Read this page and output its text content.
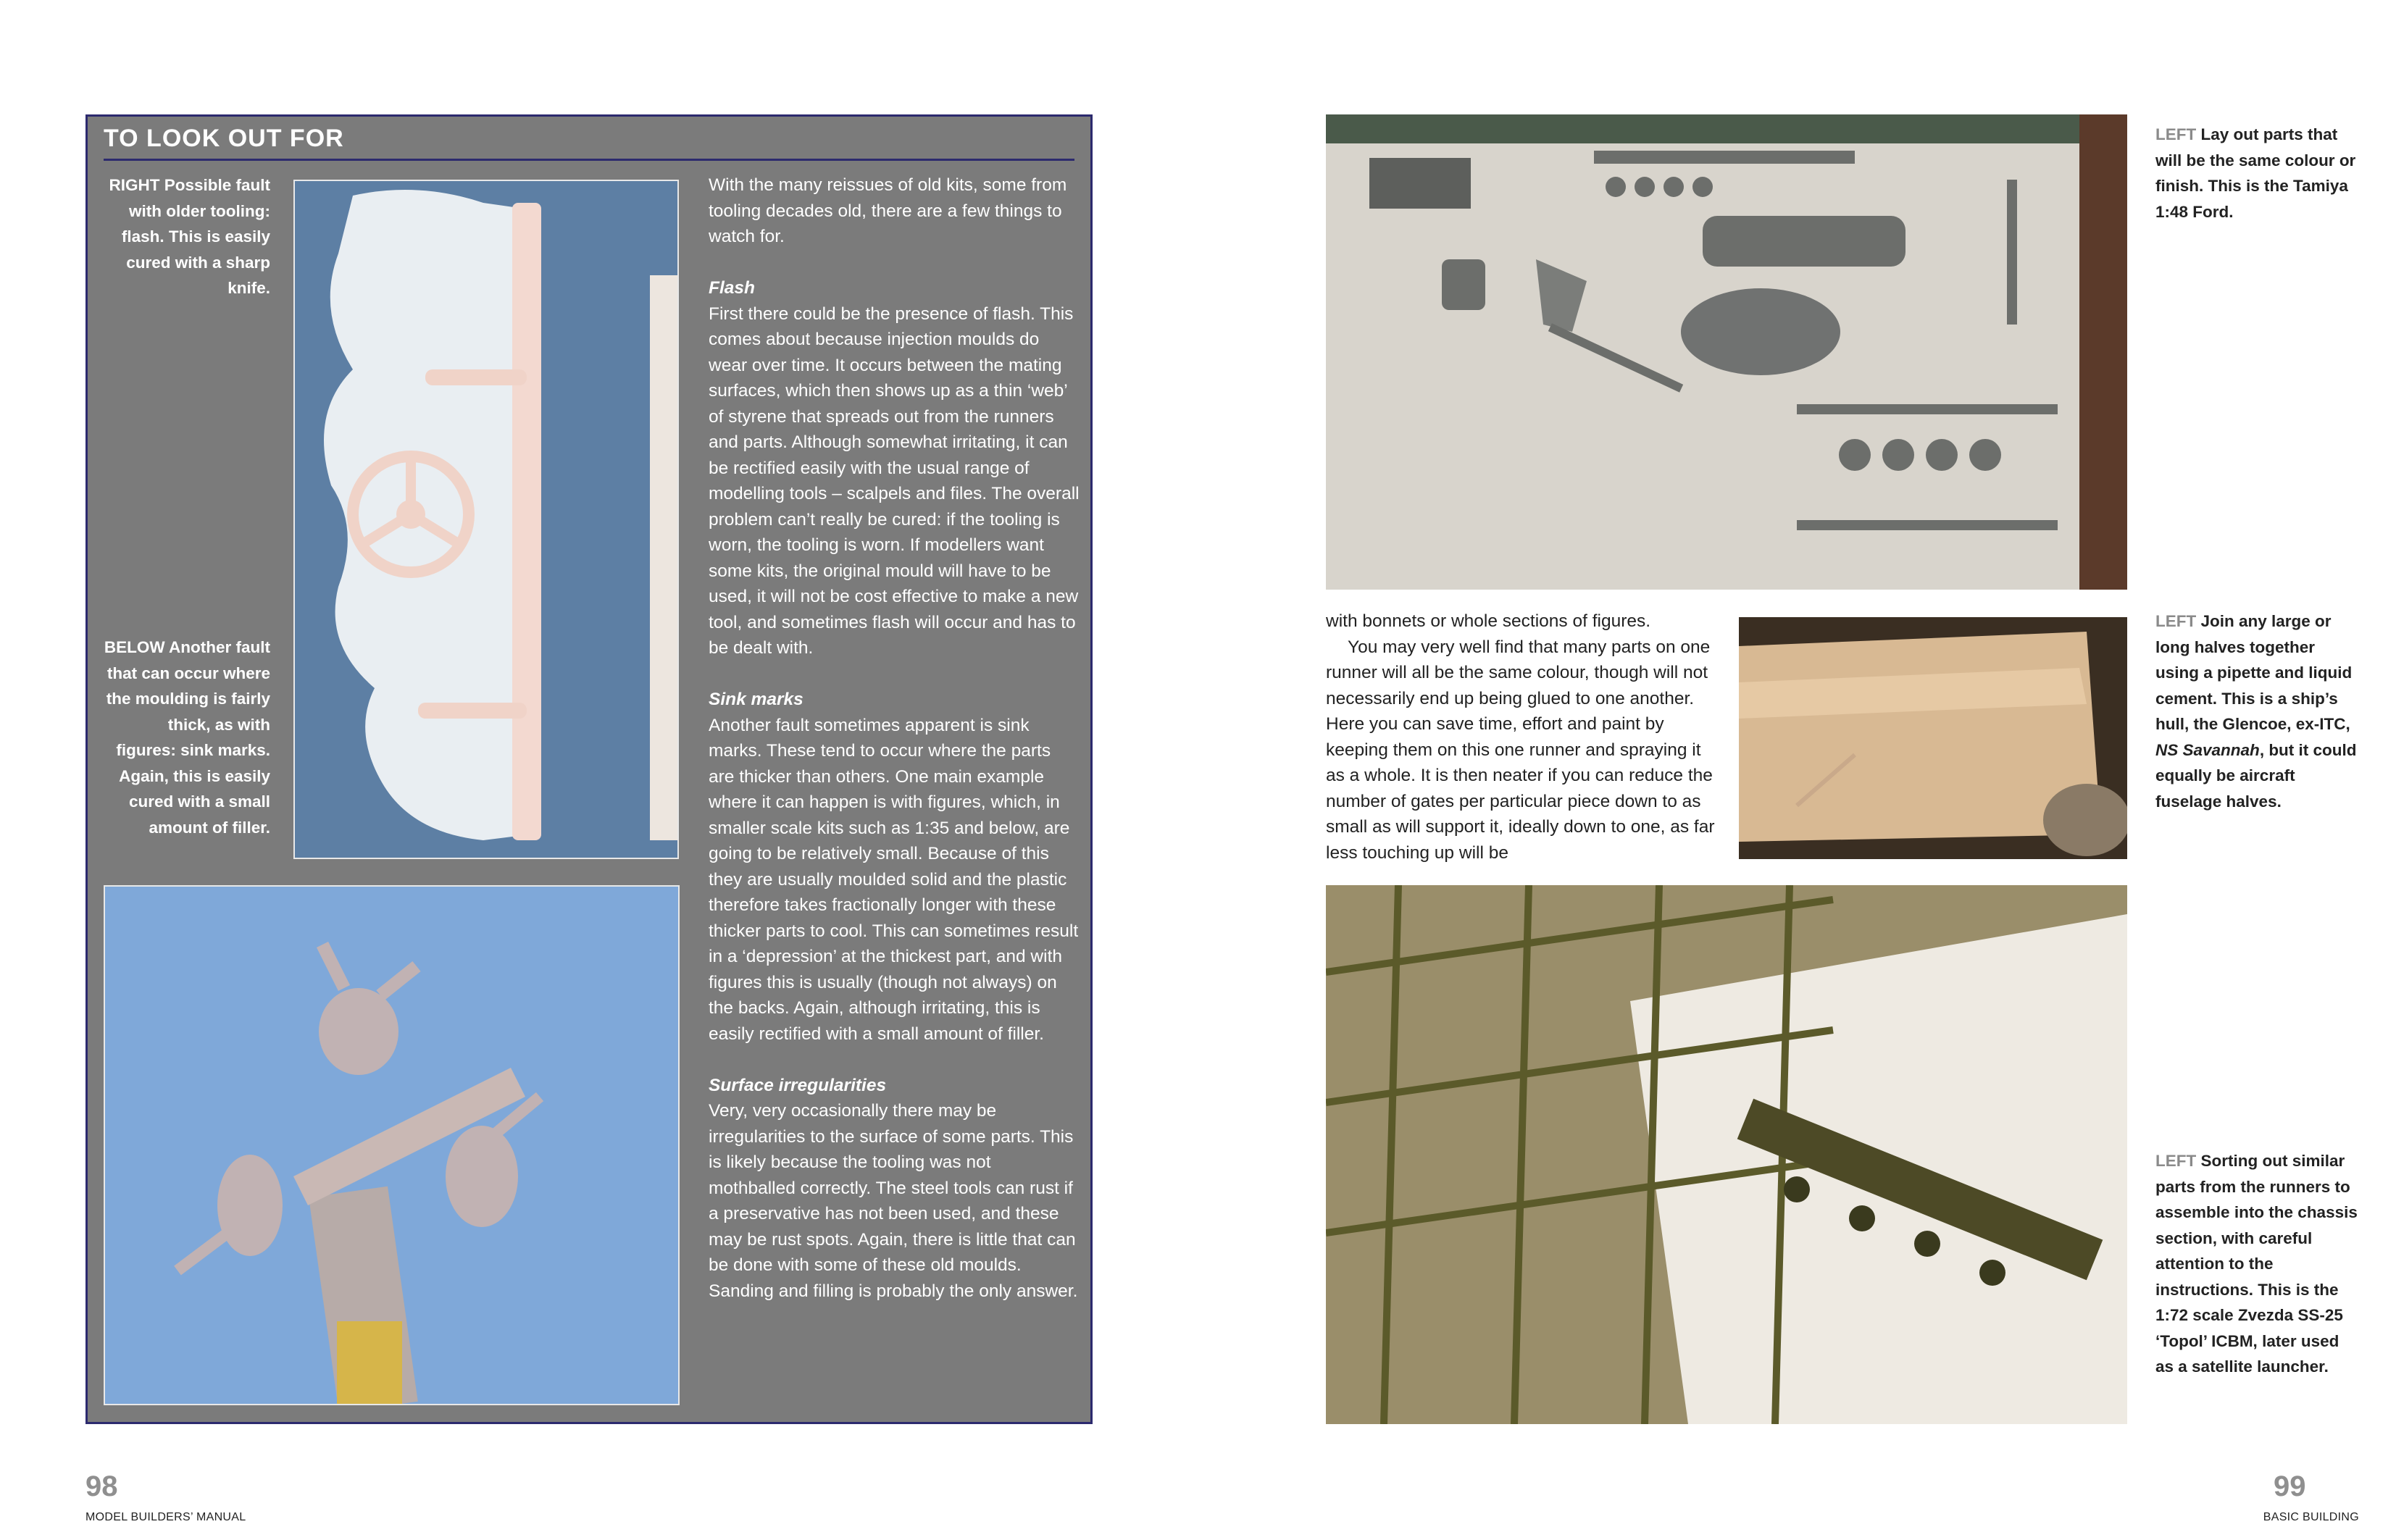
TO LOOK OUT FOR
RIGHT Possible fault with older tooling: flash. This is easily cured with a sharp knife.
BELOW Another fault that can occur where the moulding is fairly thick, as with figures: sink marks. Again, this is easily cured with a small amount of filler.

With the many reissues of old kits, some from tooling decades old, there are a few things to watch for.

Flash

First there could be the presence of flash. This comes about because injection moulds do wear over time. It occurs between the mating surfaces, which then shows up as a thin ‘web’ of styrene that spreads out from the runners and parts. Although somewhat irritating, it can be rectified easily with the usual range of modelling tools – scalpels and files. The overall problem can’t really be cured: if the tooling is worn, the tooling is worn. If modellers want some kits, the original mould will have to be used, it will not be cost effective to make a new tool, and sometimes flash will occur and has to be dealt with.

Sink marks

Another fault sometimes apparent is sink marks. These tend to occur where the parts are thicker than others. One main example where it can happen is with figures, which, in smaller scale kits such as 1:35 and below, are going to be relatively small. Because of this they are usually moulded solid and the plastic therefore takes fractionally longer with these thicker parts to cool. This can sometimes result in a ‘depression’ at the thickest part, and with figures this is usually (though not always) on the backs. Again, although irritating, this is easily rectified with a small amount of filler.

Surface irregularities

Very, very occasionally there may be irregularities to the surface of some parts. This is likely because the tooling was not mothballed correctly. The steel tools can rust if a preservative has not been used, and these may be rust spots. Again, there is little that can be done with some of these old moulds. Sanding and filling is probably the only answer.

LEFT Lay out parts that will be the same colour or finish. This is the Tamiya 1:48 Ford.
LEFT Join any large or long halves together using a pipette and liquid cement. This is a ship’s hull, the Glencoe, ex-ITC, NS Savannah, but it could equally be aircraft fuselage halves.
LEFT Sorting out similar parts from the runners to assemble into the chassis section, with careful attention to the instructions. This is the 1:72 scale Zvezda SS-25 ‘Topol’ ICBM, later used as a satellite launcher.

with bonnets or whole sections of figures.

You may very well find that many parts on one runner will all be the same colour, though will not necessarily end up being glued to one another. Here you can save time, effort and paint by keeping them on this one runner and spraying it as a whole. It is then neater if you can reduce the number of gates per particular piece down to as small as will support it, ideally down to one, as far less touching up will be

98
MODEL BUILDERS’ MANUAL
99
BASIC BUILDING
